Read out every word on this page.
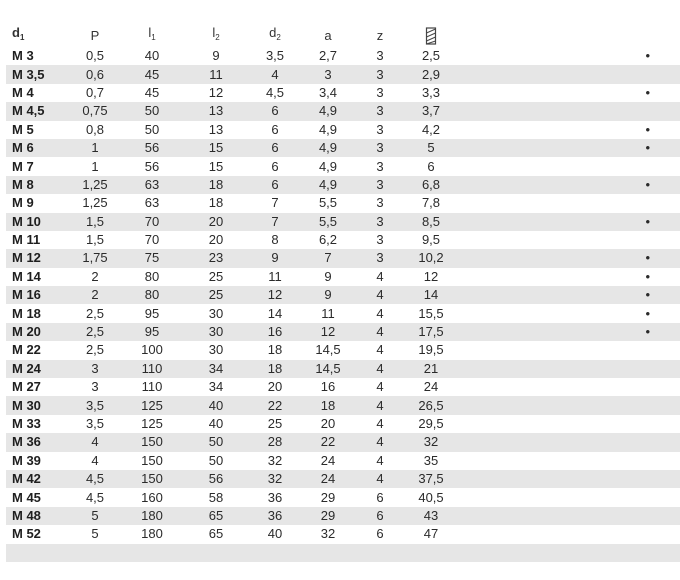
$d_1$	P	$l_1$	$l_2$	$d_2$	a	z		
M 3	0,5	40	9	3,5	2,7	3	2,5	•
M 3,5	0,6	45	11	4	3	3	2,9	
M 4	0,7	45	12	4,5	3,4	3	3,3	•
M 4,5	0,75	50	13	6	4,9	3	3,7	
M 5	0,8	50	13	6	4,9	3	4,2	•
M 6	1	56	15	6	4,9	3	5	•
M 7	1	56	15	6	4,9	3	6	
M 8	1,25	63	18	6	4,9	3	6,8	•
M 9	1,25	63	18	7	5,5	3	7,8	
M 10	1,5	70	20	7	5,5	3	8,5	•
M 11	1,5	70	20	8	6,2	3	9,5	
M 12	1,75	75	23	9	7	3	10,2	•
M 14	2	80	25	11	9	4	12	•
M 16	2	80	25	12	9	4	14	•
M 18	2,5	95	30	14	11	4	15,5	•
M 20	2,5	95	30	16	12	4	17,5	•
M 22	2,5	100	30	18	14,5	4	19,5	
M 24	3	110	34	18	14,5	4	21	
M 27	3	110	34	20	16	4	24	
M 30	3,5	125	40	22	18	4	26,5	
M 33	3,5	125	40	25	20	4	29,5	
M 36	4	150	50	28	22	4	32	
M 39	4	150	50	32	24	4	35	
M 42	4,5	150	56	32	24	4	37,5	
M 45	4,5	160	58	36	29	6	40,5	
M 48	5	180	65	36	29	6	43	
M 52	5	180	65	40	32	6	47	
